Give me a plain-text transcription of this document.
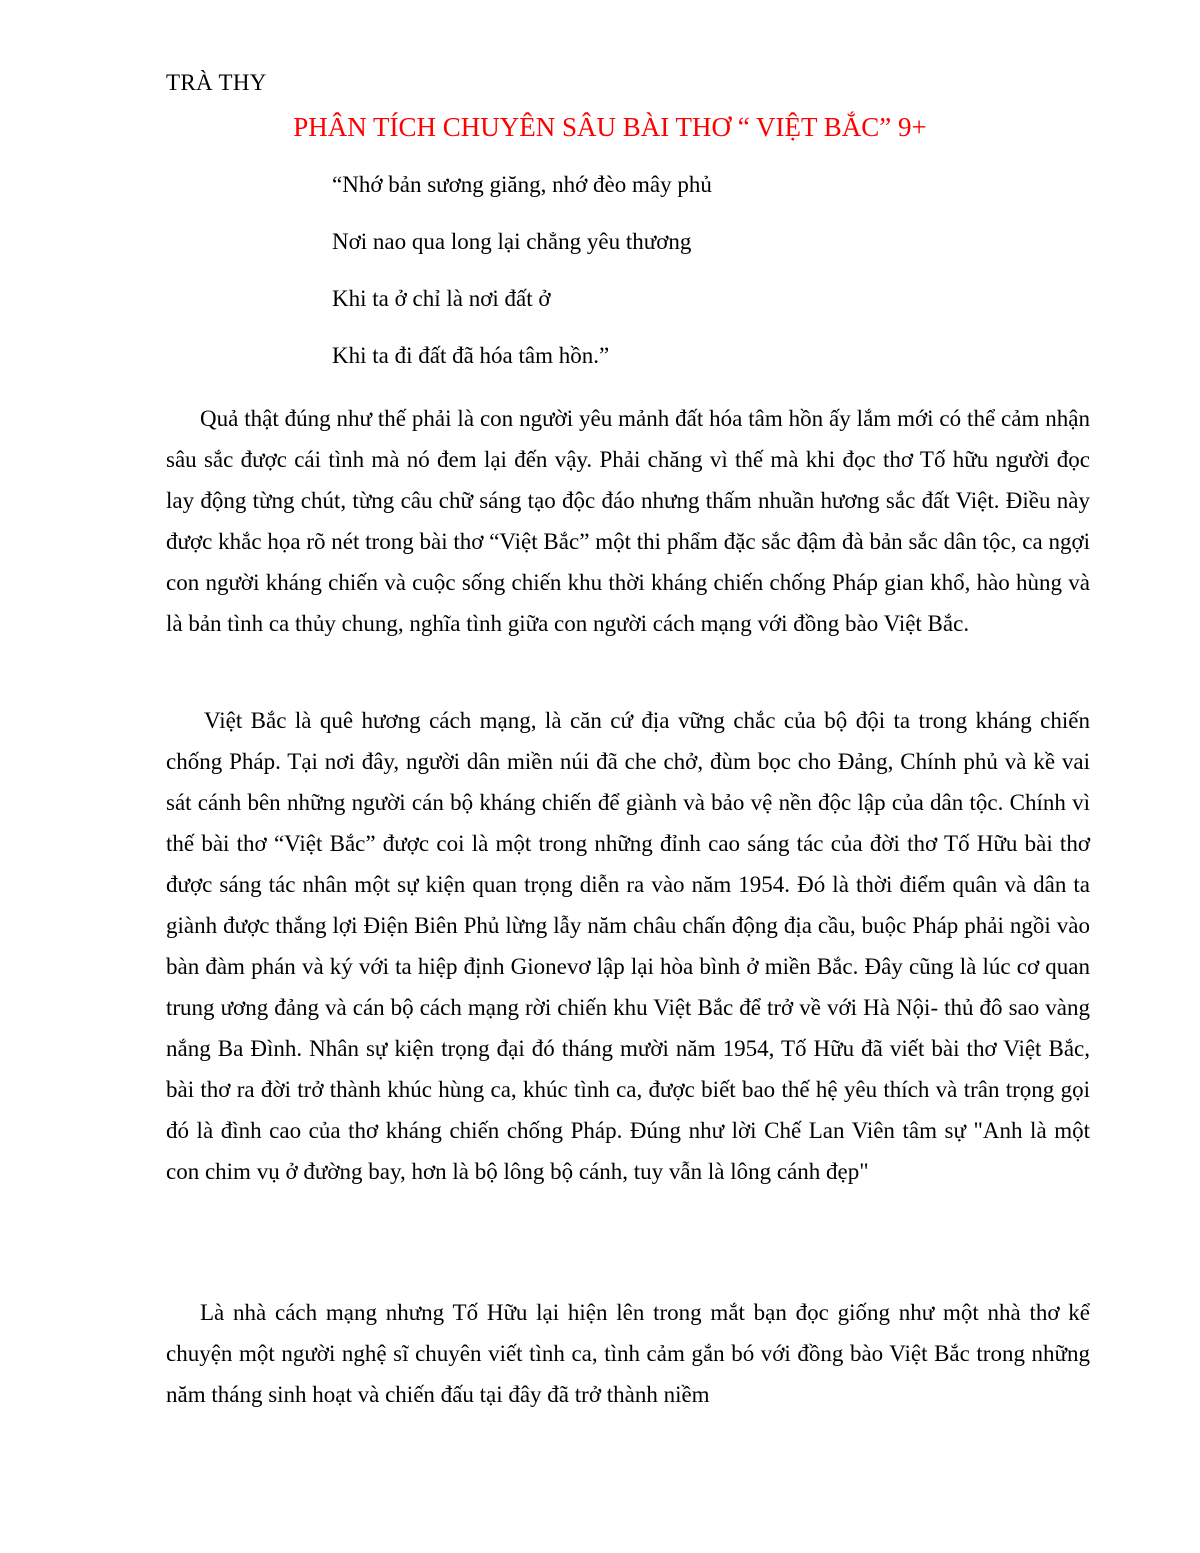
TRÀ THY
PHÂN TÍCH CHUYÊN SÂU BÀI THƠ “ VIỆT BẮC” 9+
“Nhớ bản sương giăng, nhớ đèo mây phủ
Nơi nao qua long lại chẳng yêu thương
Khi ta ở chỉ là nơi đất ở
Khi ta đi đất đã hóa tâm hồn.”

Quả thật đúng như thế phải là con người yêu mảnh đất hóa tâm hồn ấy lắm mới có thể cảm nhận sâu sắc được cái tình mà nó đem lại đến vậy. Phải chăng vì thế mà khi đọc thơ Tố hữu người đọc lay động từng chút, từng câu chữ sáng tạo độc đáo nhưng thấm nhuần hương sắc đất Việt. Điều này được khắc họa rõ nét trong bài thơ “Việt Bắc” một thi phẩm đặc sắc đậm đà bản sắc dân tộc, ca ngợi con người kháng chiến và cuộc sống chiến khu thời kháng chiến chống Pháp gian khổ, hào hùng và là bản tình ca thủy chung, nghĩa tình giữa con người cách mạng với đồng bào Việt Bắc.

Việt Bắc là quê hương cách mạng, là căn cứ địa vững chắc của bộ đội ta trong kháng chiến chống Pháp. Tại nơi đây, người dân miền núi đã che chở, đùm bọc cho Đảng, Chính phủ và kề vai sát cánh bên những người cán bộ kháng chiến để giành và bảo vệ nền độc lập của dân tộc. Chính vì thế bài thơ “Việt Bắc” được coi là một trong những đỉnh cao sáng tác của đời thơ Tố Hữu bài thơ được sáng tác nhân một sự kiện quan trọng diễn ra vào năm 1954. Đó là thời điểm quân và dân ta giành được thắng lợi Điện Biên Phủ lừng lẫy năm châu chấn động địa cầu, buộc Pháp phải ngồi vào bàn đàm phán và ký với ta hiệp định Gionevơ lập lại hòa bình ở miền Bắc. Đây cũng là lúc cơ quan trung ương đảng và cán bộ cách mạng rời chiến khu Việt Bắc để trở về với Hà Nội- thủ đô sao vàng nắng Ba Đình. Nhân sự kiện trọng đại đó tháng mười năm 1954, Tố Hữu đã viết bài thơ Việt Bắc, bài thơ ra đời trở thành khúc hùng ca, khúc tình ca, được biết bao thế hệ yêu thích và trân trọng gọi đó là đình cao của thơ kháng chiến chống Pháp. Đúng như lời Chế Lan Viên tâm sự "Anh là một con chim vụ ở đường bay, hơn là bộ lông bộ cánh, tuy vẫn là lông cánh đẹp"

Là nhà cách mạng nhưng Tố Hữu lại hiện lên trong mắt bạn đọc giống như một nhà thơ kể chuyện một người nghệ sĩ chuyên viết tình ca, tình cảm gắn bó với đồng bào Việt Bắc trong những năm tháng sinh hoạt và chiến đấu tại đây đã trở thành niềm
